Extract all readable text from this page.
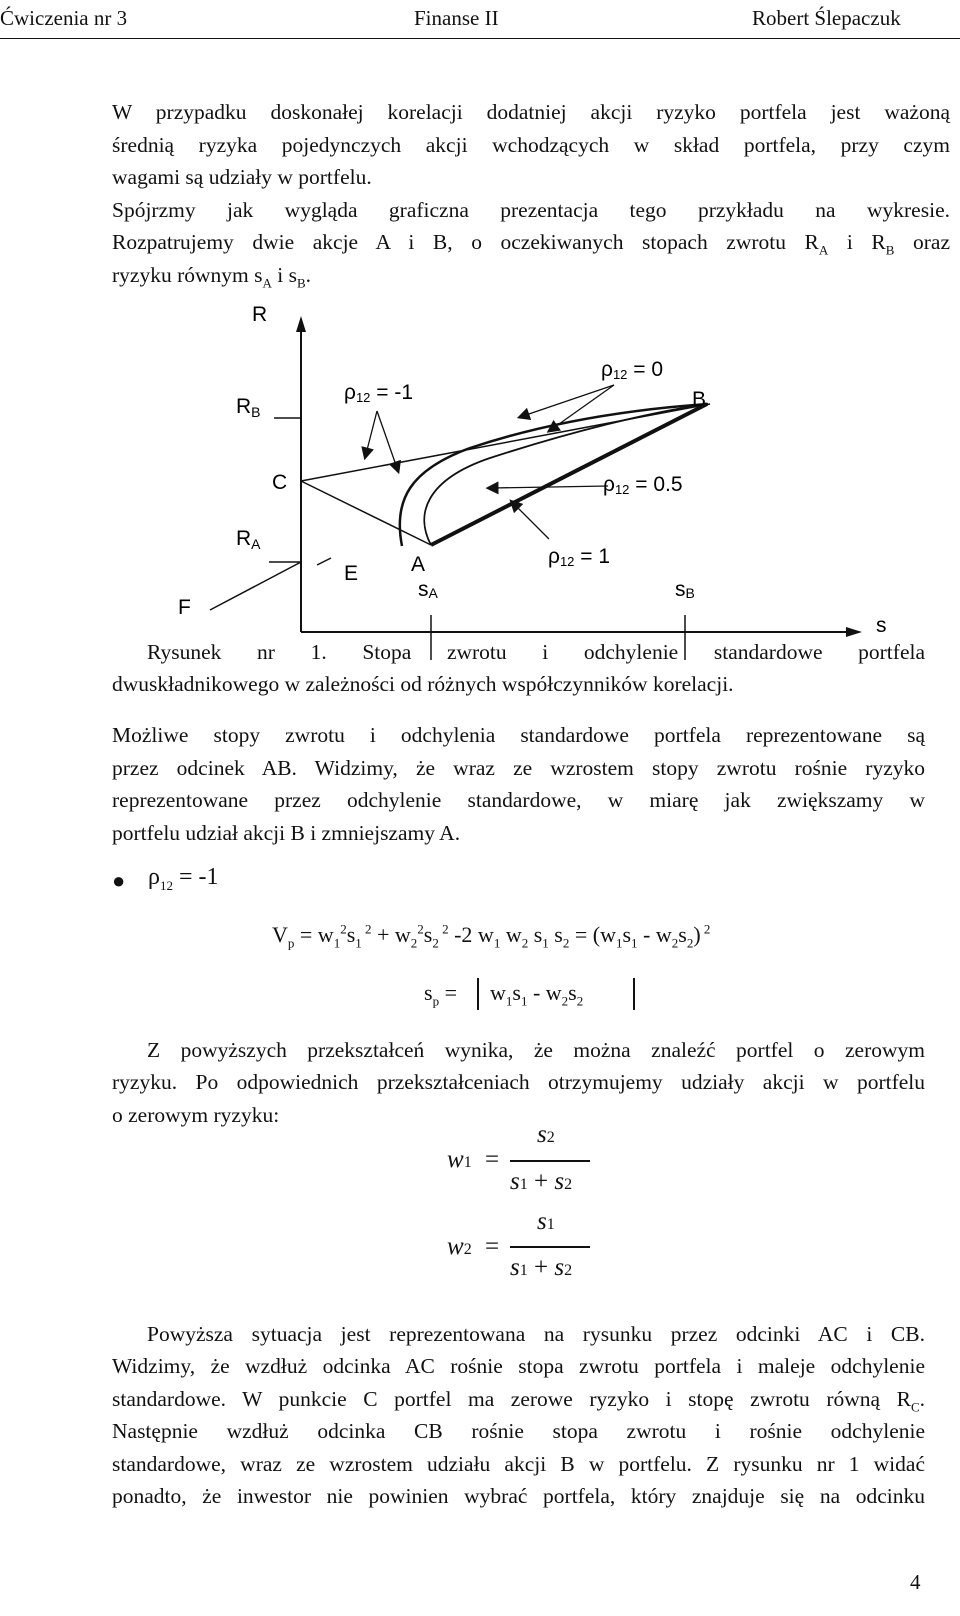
Ćwiczenia nr 3	Finanse II	Robert Ślepaczuk
W przypadku doskonałej korelacji dodatniej akcji ryzyko portfela jest ważoną
średnią ryzyka pojedynczych akcji wchodzących w skład portfela, przy czym
wagami są udziały w portfelu.
Spójrzmy jak wygląda graficzna prezentacja tego przykładu na wykresie.
Rozpatrujemy dwie akcje A i B, o oczekiwanych stopach zwrotu $R_A$ i $R_B$ oraz
ryzyku równym $s_A$ i $s_B$.
R
s
RB
RA
ρ12 = -1
ρ12 = 0
ρ12 = 0.5
ρ12 = 1
B
C
E	A
F
sA	sB
Rysunek nr 1. Stopa zwrotu i odchylenie standardowe portfela
dwuskładnikowego w zależności od różnych współczynników korelacji.
Możliwe stopy zwrotu i odchylenia standardowe portfela reprezentowane są
przez odcinek AB. Widzimy, że wraz ze wzrostem stopy zwrotu rośnie ryzyko
reprezentowane przez odchylenie standardowe, w miarę jak zwiększamy w
portfelu udział akcji B i zmniejszamy A.
● $\rho_{12} = -1$
$V_p = w_1^2s_1$ $^2 + w_2^2s_2$ $^2$ -2 $w_1$ $w_2$ $s_1$ $s_2 = (w_1s_1 - w_2s_2)$ $^2$
$s_p = w_1s_1 - w_2s_2$
Z powyższych przekształceń wynika, że można znaleźć portfel o zerowym
ryzyku. Po odpowiednich przekształceniach otrzymujemy udziały akcji w portfelu
o zerowym ryzyku:
w1 =
s2
s1 + s2
w2 =
s1
s1 + s2
Powyższa sytuacja jest reprezentowana na rysunku przez odcinki AC i CB.
Widzimy, że wzdłuż odcinka AC rośnie stopa zwrotu portfela i maleje odchylenie
standardowe. W punkcie C portfel ma zerowe ryzyko i stopę zwrotu równą $R_C$.
Następnie wzdłuż odcinka CB rośnie stopa zwrotu i rośnie odchylenie
standardowe, wraz ze wzrostem udziału akcji B w portfelu. Z rysunku nr 1 widać
ponadto, że inwestor nie powinien wybrać portfela, który znajduje się na odcinku
4
